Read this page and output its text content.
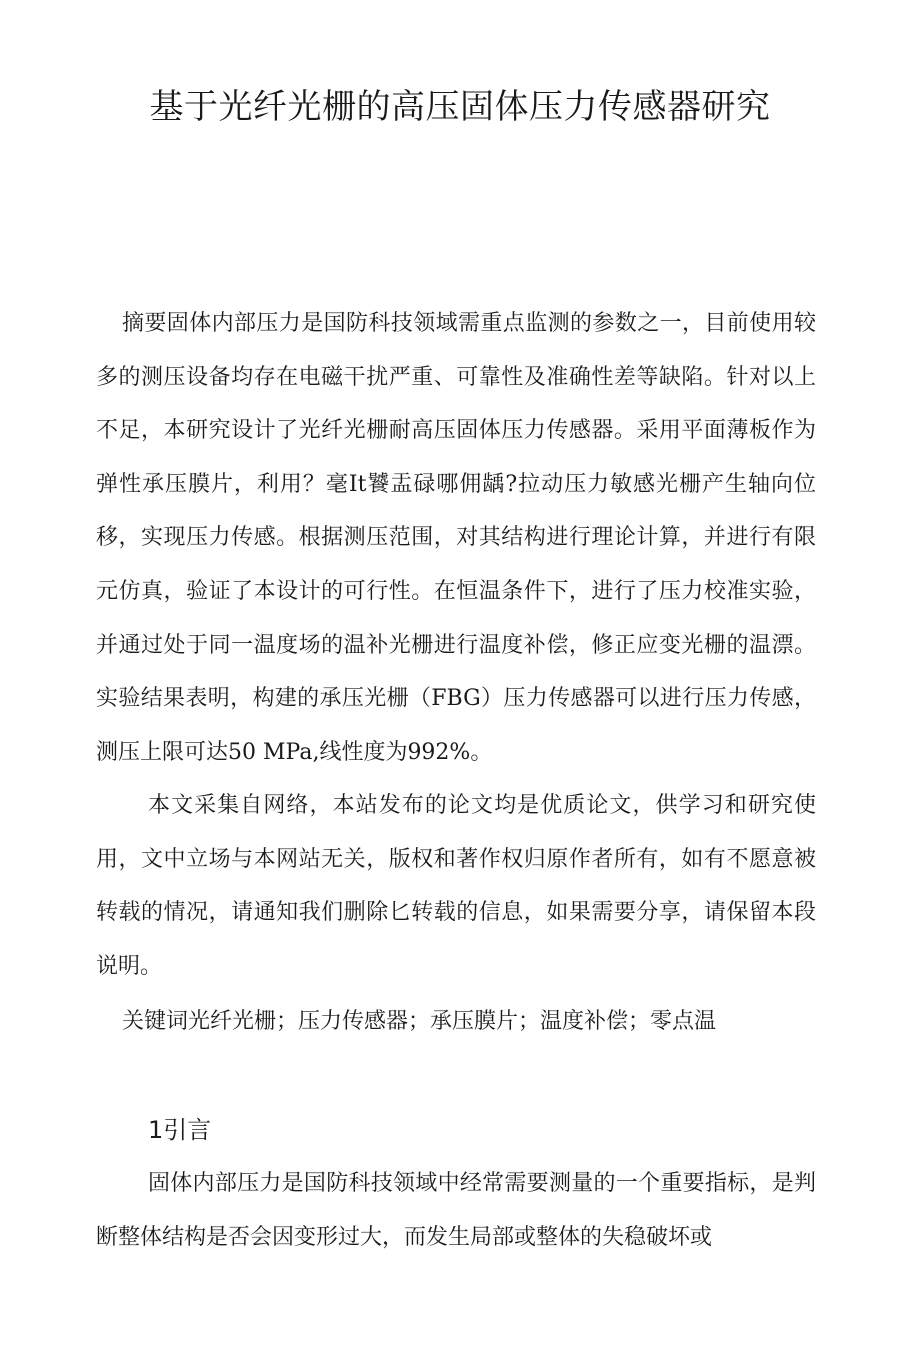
基于光纤光栅的高压固体压力传感器研究

摘要固体内部压力是国防科技领域需重点监测的参数之一，目前使用较多的测压设备均存在电磁干扰严重、可靠性及准确性差等缺陷。针对以上不足，本研究设计了光纤光栅耐高压固体压力传感器。采用平面薄板作为弹性承压膜片，利用？毫It饕盂碌哪佣龋?拉动压力敏感光栅产生轴向位移，实现压力传感。根据测压范围，对其结构进行理论计算，并进行有限元仿真，验证了本设计的可行性。在恒温条件下，进行了压力校准实验，并通过处于同一温度场的温补光栅进行温度补偿，修正应变光栅的温漂。实验结果表明，构建的承压光栅（FBG）压力传感器可以进行压力传感，测压上限可达50 MPa,线性度为992%。

本文采集自网络，本站发布的论文均是优质论文，供学习和研究使用，文中立场与本网站无关，版权和著作权归原作者所有，如有不愿意被转载的情况，请通知我们删除匕转载的信息，如果需要分享，请保留本段说明。

关键词光纤光栅；压力传感器；承压膜片；温度补偿；零点温

1引言

固体内部压力是国防科技领域中经常需要测量的一个重要指标，是判断整体结构是否会因变形过大，而发生局部或整体的失稳破坏或
